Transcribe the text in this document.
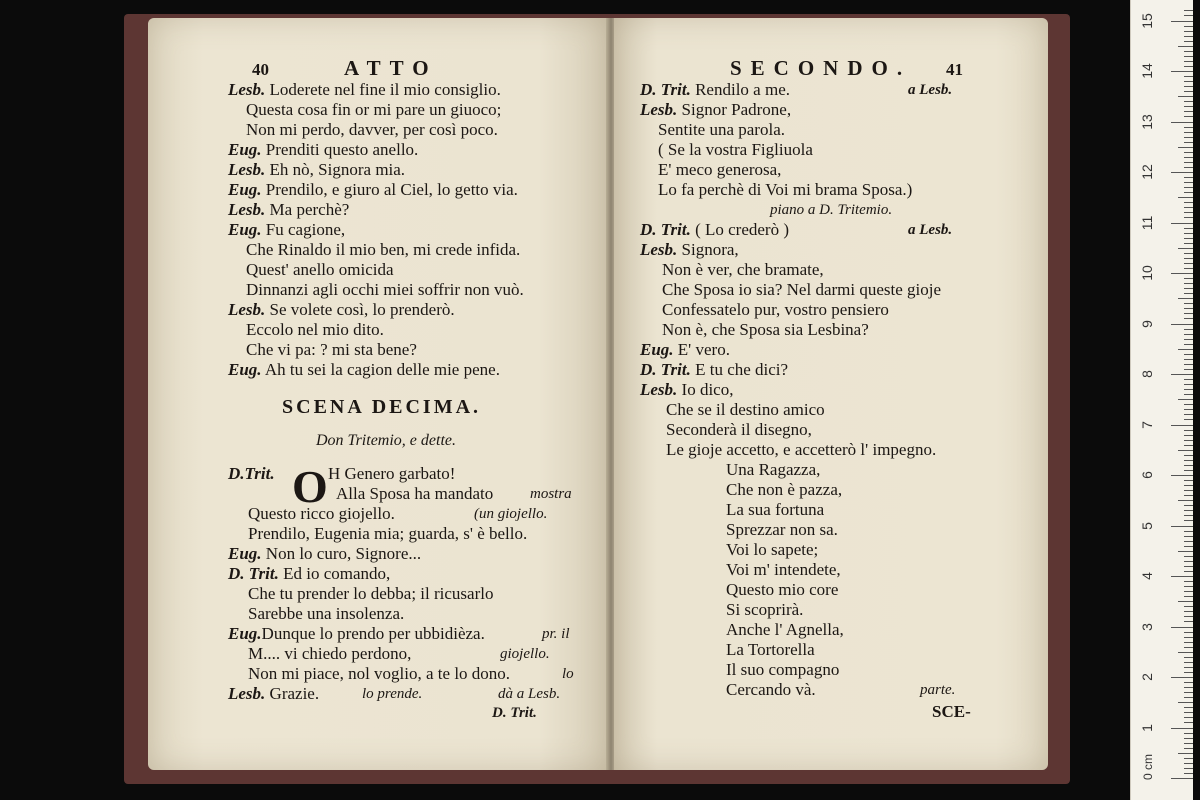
40	ATTO
Lesb. Loderete nel fine il mio consiglio.
Questa cosa fin or mi pare un giuoco;
Non mi perdo, davver, per così poco.
Eug. Prenditi questo anello.
Lesb. Eh nò, Signora mia.
Eug. Prendilo, e giuro al Ciel, lo getto via.
Lesb. Ma perchè?
Eug. Fu cagione,
Che Rinaldo il mio ben, mi crede infida.
Quest' anello omicida
Dinnanzi agli occhi miei soffrir non vuò.
Lesb. Se volete così, lo prenderò.
Eccolo nel mio dito.
Che vi pa: ? mi sta bene?
Eug. Ah tu sei la cagion delle mie pene.
SCENA DECIMA.
Don Tritemio, e dette.
O
D.Trit.	H Genero garbato!
Alla Sposa ha mandato mostra
Questo ricco giojello.	(un giojello.
Prendilo, Eugenia mia; guarda, s' è bello.
Eug. Non lo curo, Signore...
D. Trit. Ed io comando,
Che tu prender lo debba; il ricusarlo
Sarebbe una insolenza.
Eug.Dunque lo prendo per ubbidièza.	pr. il
M.... vi chiedo perdono,	giojello.
Non mi piace, nol voglio, a te lo dono.	lo
Lesb. Grazie.	lo prende.	dà a Lesb.
D. Trit.
SECONDO. 41
D. Trit. Rendilo a me.	a Lesb.
Lesb. Signor Padrone,
Sentite una parola.
( Se la vostra Figliuola
E' meco generosa,
Lo fa perchè di Voi mi brama Sposa.)
piano a D. Tritemio.
D. Trit. ( Lo crederò )	a Lesb.
Lesb. Signora,
Non è ver, che bramate,
Che Sposa io sia? Nel darmi queste gioje
Confessatelo pur, vostro pensiero
Non è, che Sposa sia Lesbina?
Eug. E' vero.
D. Trit. E tu che dici?
Lesb. Io dico,
Che se il destino amico
Seconderà il disegno,
Le gioje accetto, e accetterò l' impegno.
Una Ragazza,
Che non è pazza,
La sua fortuna
Sprezzar non sa.
Voi lo sapete;
Voi m' intendete,
Questo mio core
Si scoprirà.
Anche l' Agnella,
La Tortorella
Il suo compagno
Cercando và.	parte.
SCE-
1
2
3
4
5
6
7
8
9
10
11
12
13
14
15
0 cm
